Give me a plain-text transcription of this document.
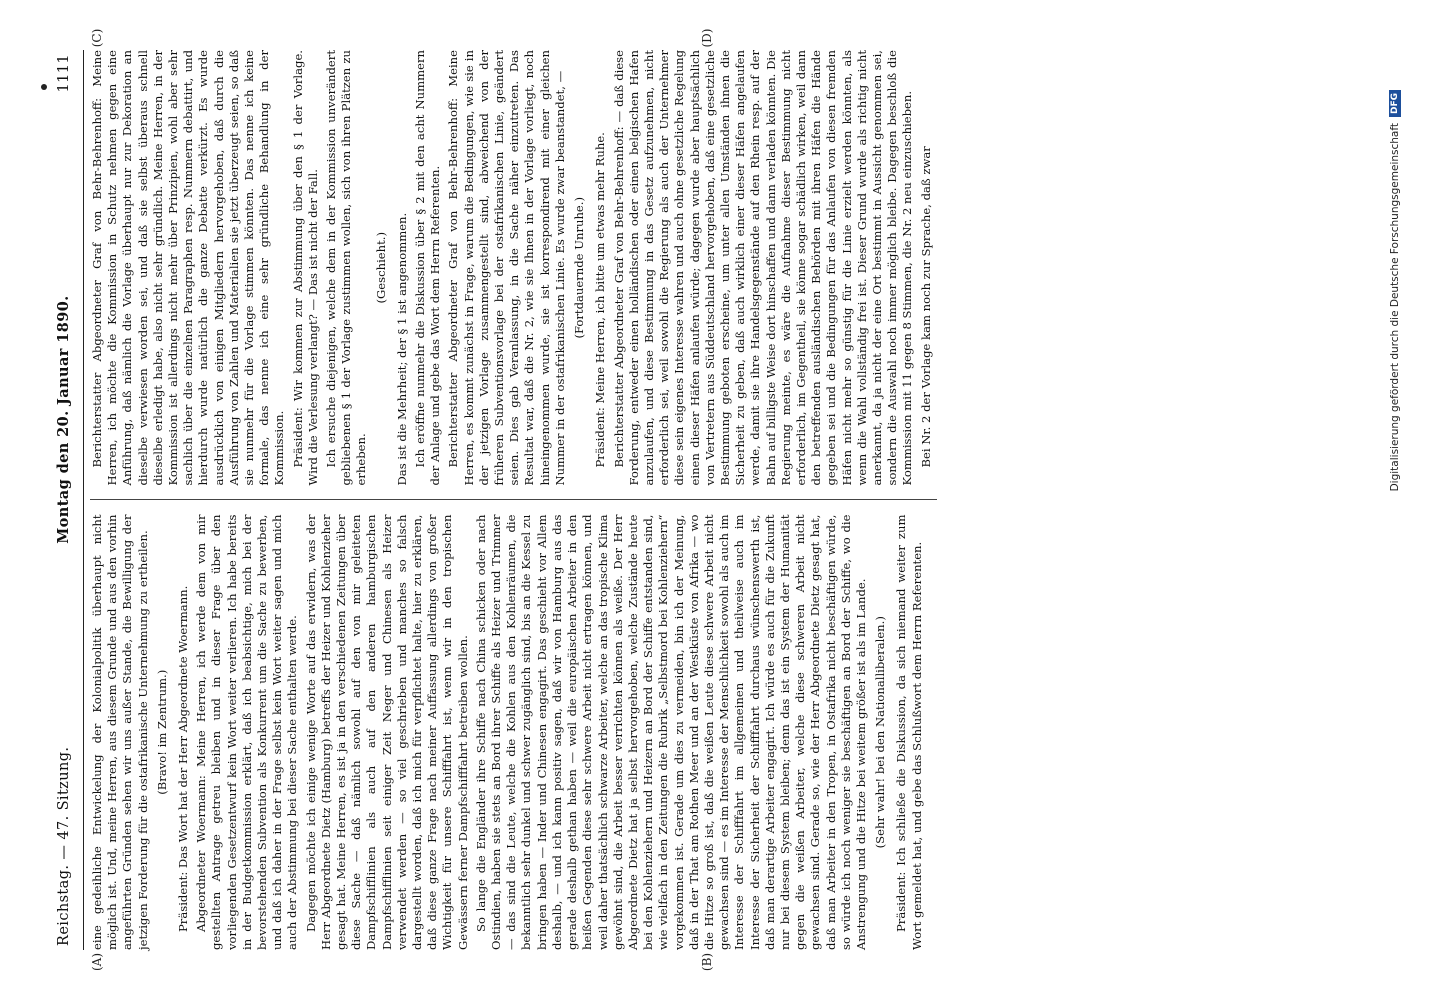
Reichstag. — 47. Sitzung.
Montag den 20. Januar 1890.
1111
(A)	(B)
(C)	(D)

eine gedeihliche Entwickelung der Kolonialpolitik überhaupt nicht möglich ist. Und, meine Herren, aus diesem Grunde und aus den vorhin angeführten Gründen sehen wir uns außer Stande, die Bewilligung der jetzigen Forderung für die ostafrikanische Unternehmung zu ertheilen. (Bravo! im Zentrum.) Präsident: Das Wort hat der Herr Abgeordnete Woermann. Abgeordneter Woermann: Meine Herren, ich werde dem von mir gestellten Antrage getreu bleiben und in dieser Frage über den vorliegenden Gesetzentwurf kein Wort weiter verlieren. Ich habe bereits in der Budgetkommission erklärt, daß ich beabsichtige, mich bei der bevorstehenden Subvention als Konkurrent um die Sache zu bewerben, und daß ich daher in der Frage selbst kein Wort weiter sagen und mich auch der Abstimmung bei dieser Sache enthalten werde. Dagegen möchte ich einige wenige Worte auf das erwidern, was der Herr Abgeordnete Dietz (Hamburg) betreffs der Heizer und Kohlenzieher gesagt hat. Meine Herren, es ist ja in den verschiedenen Zeitungen über diese Sache — daß nämlich sowohl auf den von mir geleiteten Dampfschifflinien als auch auf den anderen hamburgischen Dampfschifflinien seit einiger Zeit Neger und Chinesen als Heizer verwendet werden — so viel geschrieben und manches so falsch dargestellt worden, daß ich mich für verpflichtet halte, hier zu erklären, daß diese ganze Frage nach meiner Auffassung allerdings von großer Wichtigkeit für unsere Schifffahrt ist, wenn wir in den tropischen Gewässern ferner Dampfschifffahrt betreiben wollen. So lange die Engländer ihre Schiffe nach China schicken oder nach Ostindien, haben sie stets an Bord ihrer Schiffe als Heizer und Trimmer — das sind die Leute, welche die Kohlen aus den Kohlenräumen, die bekanntlich sehr dunkel und schwer zugänglich sind, bis an die Kessel zu bringen haben — Inder und Chinesen engagirt. Das geschieht vor Allem deshalb, — und ich kann positiv sagen, daß wir von Hamburg aus das gerade deshalb gethan haben — weil die europäischen Arbeiter in den heißen Gegenden diese sehr schwere Arbeit nicht ertragen können, und weil daher thatsächlich schwarze Arbeiter, welche an das tropische Klima gewöhnt sind, die Arbeit besser verrichten können als weiße. Der Herr Abgeordnete Dietz hat ja selbst hervorgehoben, welche Zustände heute bei den Kohlenziehern und Heizern an Bord der Schiffe entstanden sind, wie vielfach in den Zeitungen die Rubrik „Selbstmord bei Kohlenziehern“ vorgekommen ist. Gerade um dies zu vermeiden, bin ich der Meinung, daß in der That am Rothen Meer und an der Westküste von Afrika — wo die Hitze so groß ist, daß die weißen Leute diese schwere Arbeit nicht gewachsen sind — es im Interesse der Menschlichkeit sowohl als auch im Interesse der Schifffahrt im allgemeinen und theilweise auch im Interesse der Sicherheit der Schifffahrt durchaus wünschenswerth ist, daß man derartige Arbeiter engagirt. Ich würde es auch für die Zukunft nur bei diesem System bleiben; denn das ist ein System der Humanität gegen die weißen Arbeiter, welche diese schweren Arbeit nicht gewachsen sind. Gerade so, wie der Herr Abgeordnete Dietz gesagt hat, daß man Arbeiter in den Tropen, in Ostafrika nicht beschäftigen würde, so würde ich noch weniger sie beschäftigen an Bord der Schiffe, wo die Anstrengung und die Hitze bei weitem größer ist als im Lande. (Sehr wahr! bei den Nationalliberalen.) Präsident: Ich schließe die Diskussion, da sich niemand weiter zum Wort gemeldet hat, und gebe das Schlußwort dem Herrn Referenten.

Berichterstatter Abgeordneter Graf von Behr-Behrenhoff: Meine Herren, ich möchte die Kommission in Schutz nehmen gegen eine Anführung, daß nämlich die Vorlage überhaupt nur zur Dekoration an dieselbe verwiesen worden sei, und daß sie selbst überaus schnell dieselbe erledigt habe, also nicht sehr gründlich. Meine Herren, in der Kommission ist allerdings nicht mehr über Prinzipien, wohl aber sehr sachlich über die einzelnen Paragraphen resp. Nummern debattirt, und hierdurch wurde natürlich die ganze Debatte verkürzt. Es wurde ausdrücklich von einigen Mitgliedern hervorgehoben, daß durch die Ausführung von Zahlen und Materialien sie jetzt überzeugt seien, so daß sie nunmehr für die Vorlage stimmen könnten. Das nenne ich keine formale, das nenne ich eine sehr gründliche Behandlung in der Kommission. Präsident: Wir kommen zur Abstimmung über den § 1 der Vorlage. Wird die Verlesung verlangt? — Das ist nicht der Fall. Ich ersuche diejenigen, welche dem in der Kommission unverändert gebliebenen § 1 der Vorlage zustimmen wollen, sich von ihren Plätzen zu erheben.

(Geschieht.) Das ist die Mehrheit; der § 1 ist angenommen. Ich eröffne nunmehr die Diskussion über § 2 mit den acht Nummern der Anlage und gebe das Wort dem Herrn Referenten. Berichterstatter Abgeordneter Graf von Behr-Behrenhoff: Meine Herren, es kommt zunächst in Frage, warum die Bedingungen, wie sie in der jetzigen Vorlage zusammengestellt sind, abweichend von der früheren Subventionsvorlage bei der ostafrikanischen Linie, geändert seien. Dies gab Veranlassung, in die Sache näher einzutreten. Das Resultat war, daß die Nr. 2, wie sie Ihnen in der Vorlage vorliegt, noch hineingenommen wurde, sie ist korrespondirend mit einer gleichen Nummer in der ostafrikanischen Linie. Es wurde zwar beanstandet, — (Fortdauernde Unruhe.) Präsident: Meine Herren, ich bitte um etwas mehr Ruhe. Berichterstatter Abgeordneter Graf von Behr-Behrenhoff: — daß diese Forderung, entweder einen holländischen oder einen belgischen Hafen anzulaufen, und diese Bestimmung in das Gesetz aufzunehmen, nicht erforderlich sei, weil sowohl die Regierung als auch der Unternehmer diese sein eigenes Interesse wahren und auch ohne gesetzliche Regelung einen dieser Häfen anlaufen würde; dagegen wurde aber hauptsächlich von Vertretern aus Süddeutschland hervorgehoben, daß eine gesetzliche Bestimmung geboten erscheine, um unter allen Umständen ihnen die Sicherheit zu geben, daß auch wirklich einer dieser Häfen angelaufen werde, damit sie ihre Handelsgegenstände auf den Rhein resp. auf der Bahn auf billigste Weise dort hinschaffen und dann verladen könnten. Die Regierung meinte, es wäre die Aufnahme dieser Bestimmung nicht erforderlich, im Gegentheil, sie könne sogar schädlich wirken, weil dann den betreffenden ausländischen Behörden mit ihren Häfen die Hände gegeben sei und die Bedingungen für das Anlaufen von diesen fremden Häfen nicht mehr so günstig für die Linie erzielt werden könnten, als wenn die Wahl vollständig frei ist. Dieser Grund wurde als richtig nicht anerkannt, da ja nicht der eine Ort bestimmt in Aussicht genommen sei, sondern die Auswahl noch immer möglich bleibe. Dagegen beschloß die Kommission mit 11 gegen 8 Stimmen, die Nr. 2 neu einzuschieben. Bei Nr. 2 der Vorlage kam noch zur Sprache, daß zwar	Digitalisierung gefördert durch die Deutsche Forschungsgemeinschaft
DFG
